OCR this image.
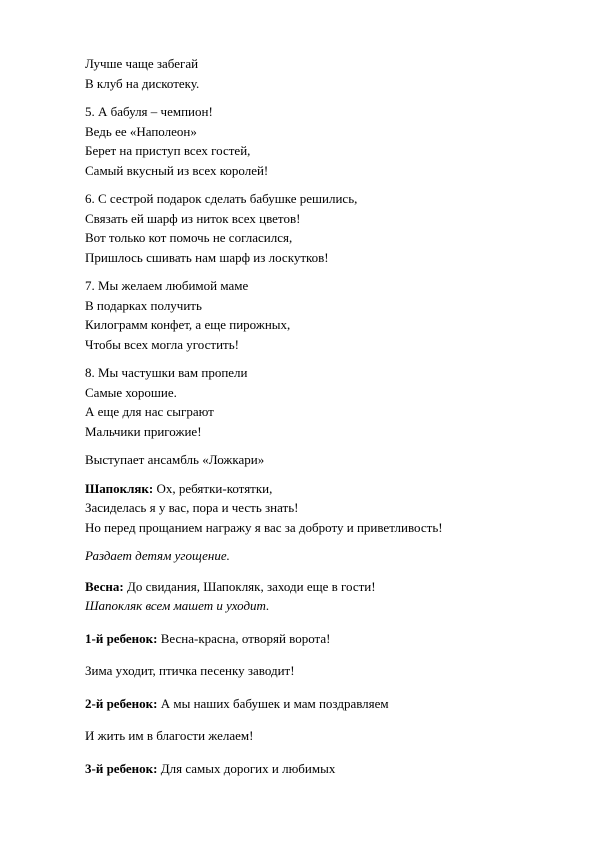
Лучше чаще забегай
В клуб на дискотеку.
5. А бабуля – чемпион!
Ведь ее «Наполеон»
Берет на приступ всех гостей,
Самый вкусный из всех королей!
6. С сестрой подарок сделать бабушке решились,
Связать ей шарф из ниток всех цветов!
Вот только кот помочь не согласился,
Пришлось сшивать нам шарф из лоскутков!
7. Мы желаем любимой маме
В подарках получить
Килограмм конфет, а еще пирожных,
Чтобы всех могла угостить!
8. Мы частушки вам пропели
Самые хорошие.
А еще для нас сыграют
Мальчики пригожие!
Выступает ансамбль «Ложкари»
Шапокляк: Ох, ребятки-котятки,
Засиделась я у вас, пора и честь знать!
Но перед прощанием награжу я вас за доброту и приветливость!
Раздает детям угощение.
Весна: До свидания, Шапокляк, заходи еще в гости!
Шапокляк всем машет и уходит.
1-й ребенок: Весна-красна, отворяй ворота!
Зима уходит, птичка песенку заводит!
2-й ребенок: А мы наших бабушек и мам поздравляем
И жить им в благости желаем!
3-й ребенок: Для самых дорогих и любимых
